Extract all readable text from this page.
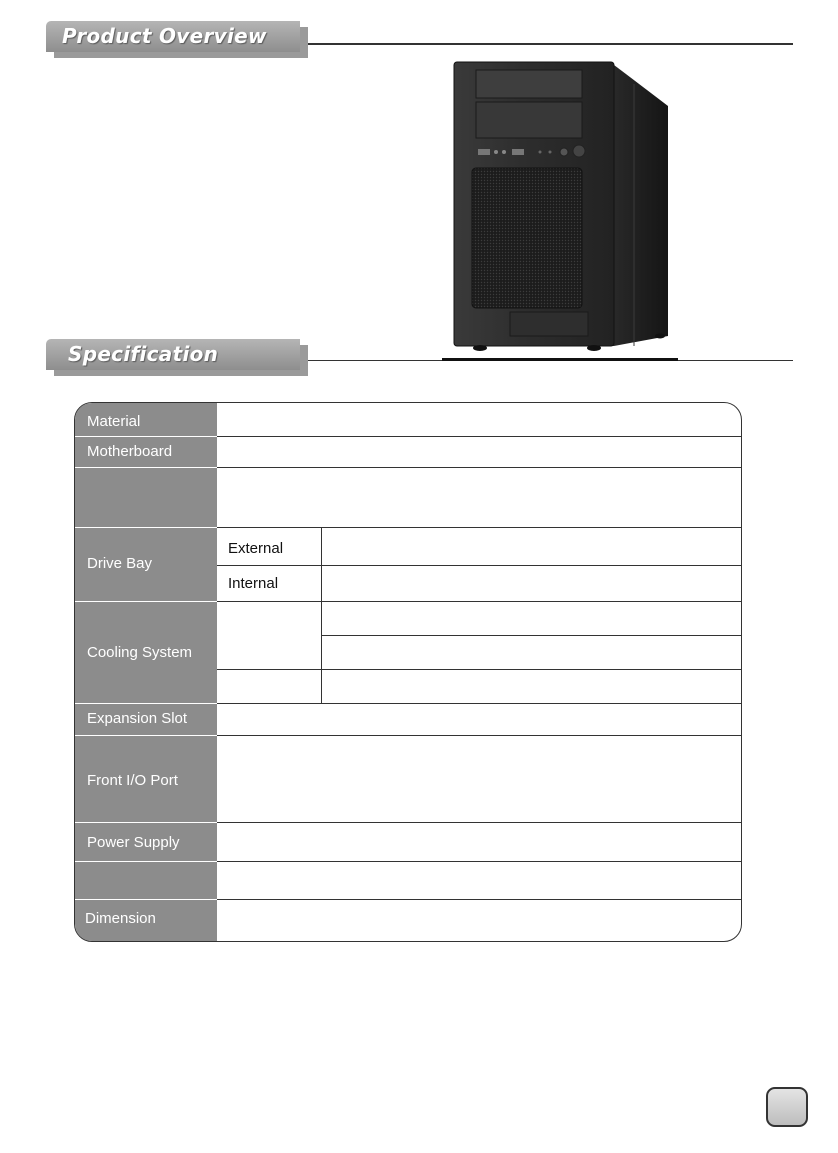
Product Overview
Specification
Material
Motherboard
Drive Bay
Cooling System
Expansion Slot
Front I/O Port
Power Supply
Dimension
External
Internal
